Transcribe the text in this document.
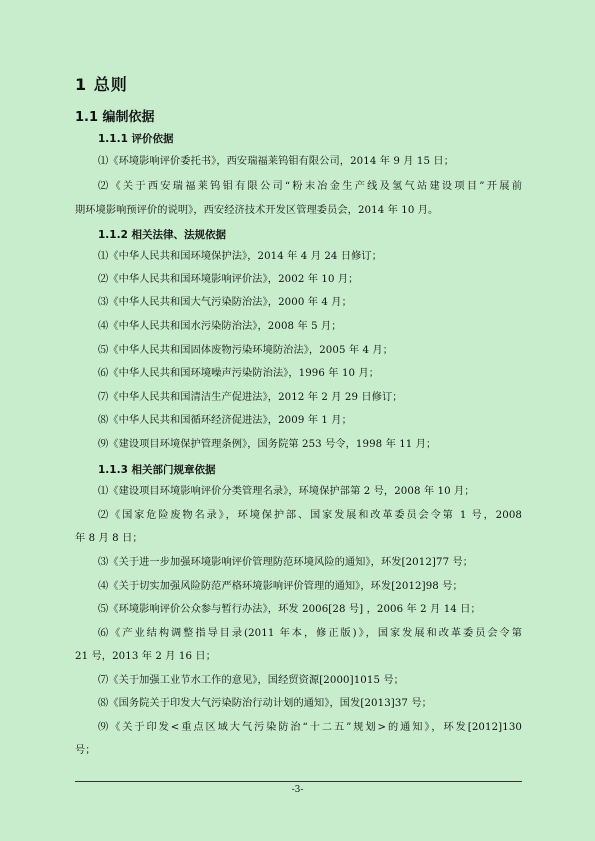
1 总则
1.1 编制依据
1.1.1 评价依据
⑴《环境影响评价委托书》，西安瑞福莱钨钼有限公司，2014 年 9 月 15 日；
⑵《关于西安瑞福莱钨钼有限公司“粉末冶金生产线及氢气站建设项目”开展前
期环境影响预评价的说明》，西安经济技术开发区管理委员会，2014 年 10 月。
1.1.2 相关法律、法规依据
⑴《中华人民共和国环境保护法》，2014 年 4 月 24 日修订；
⑵《中华人民共和国环境影响评价法》，2002 年 10 月；
⑶《中华人民共和国大气污染防治法》，2000 年 4 月；
⑷《中华人民共和国水污染防治法》，2008 年 5 月；
⑸《中华人民共和国固体废物污染环境防治法》，2005 年 4 月；
⑹《中华人民共和国环境噪声污染防治法》，1996 年 10 月；
⑺《中华人民共和国清洁生产促进法》，2012 年 2 月 29 日修订；
⑻《中华人民共和国循环经济促进法》，2009 年 1 月；
⑼《建设项目环境保护管理条例》，国务院第 253 号令，1998 年 11 月；
1.1.3 相关部门规章依据
⑴《建设项目环境影响评价分类管理名录》，环境保护部第 2 号，2008 年 10 月；
⑵《国家危险废物名录》，环境保护部、国家发展和改革委员会令第 1 号，2008
年 8 月 8 日；
⑶《关于进一步加强环境影响评价管理防范环境风险的通知》，环发[2012]77 号；
⑷《关于切实加强风险防范严格环境影响评价管理的通知》，环发[2012]98 号；
⑸《环境影响评价公众参与暂行办法》，环发 2006[28 号] ，2006 年 2 月 14 日；
⑹《产业结构调整指导目录(2011 年本，修正版)》，国家发展和改革委员会令第
21 号，2013 年 2 月 16 日；
⑺《关于加强工业节水工作的意见》，国经贸资源[2000]1015 号；
⑻《国务院关于印发大气污染防治行动计划的通知》，国发[2013]37 号；
⑼《关于印发<重点区域大气污染防治“十二五”规划>的通知》，环发[2012]130
号；
-3-
